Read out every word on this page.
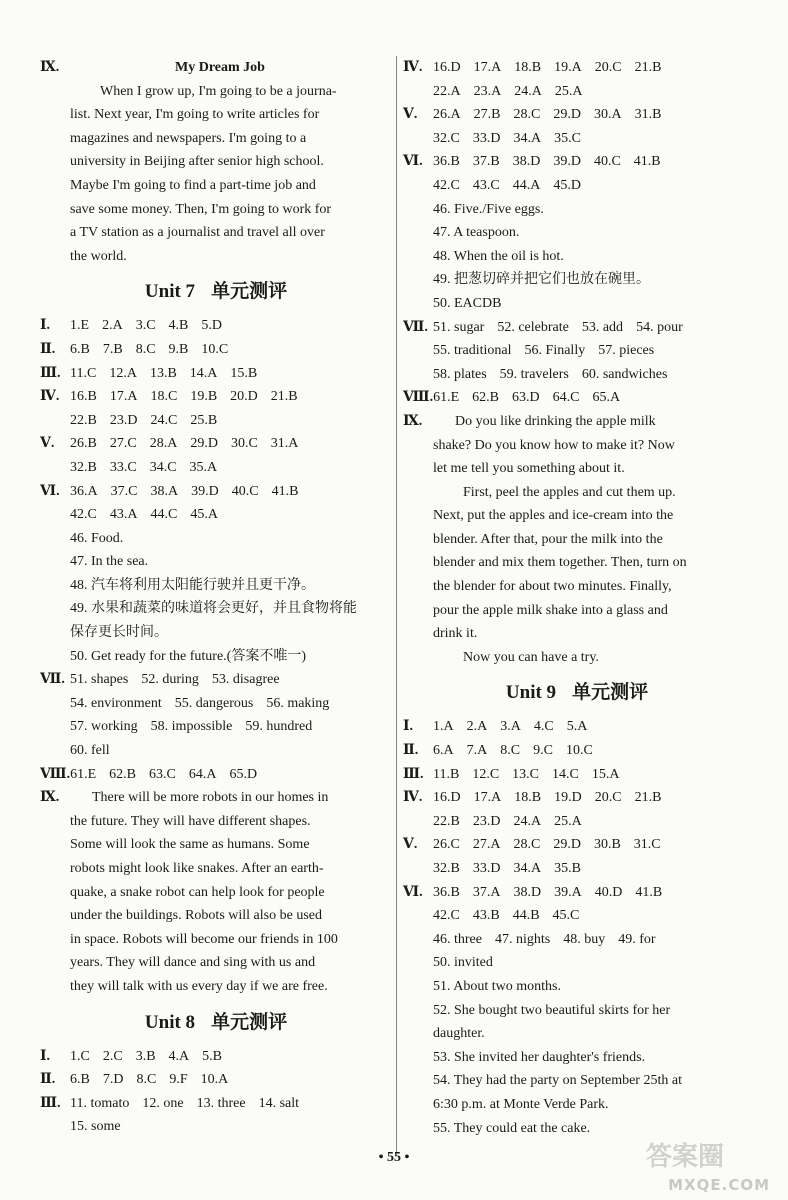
Ⅸ.	My Dream Job
When I grow up, I'm going to be a journa-
list. Next year, I'm going to write articles for
magazines and newspapers. I'm going to a
university in Beijing after senior high school.
Maybe I'm going to find a part-time job and
save some money. Then, I'm going to work for
a TV station as a journalist and travel all over
the world.
Unit 7 单元测评
Ⅰ. 1.E 2.A 3.C 4.B 5.D
Ⅱ. 6.B 7.B 8.C 9.B 10.C
Ⅲ. 11.C 12.A 13.B 14.A 15.B
Ⅳ. 16.B 17.A 18.C 19.B 20.D 21.B
22.B 23.D 24.C 25.B
Ⅴ. 26.B 27.C 28.A 29.D 30.C 31.A
32.B 33.C 34.C 35.A
Ⅵ. 36.A 37.C 38.A 39.D 40.C 41.B
42.C 43.A 44.C 45.A
46. Food.
47. In the sea.
48. 汽车将利用太阳能行驶并且更干净。
49. 水果和蔬菜的味道将会更好，并且食物将能
保存更长时间。
50. Get ready for the future.(答案不唯一)
Ⅶ. 51. shapes 52. during 53. disagree
54. environment 55. dangerous 56. making
57. working 58. impossible 59. hundred
60. fell
Ⅷ.61.E 62.B 63.C 64.A 65.D
Ⅸ. There will be more robots in our homes in
the future. They will have different shapes.
Some will look the same as humans. Some
robots might look like snakes. After an earth-
quake, a snake robot can help look for people
under the buildings. Robots will also be used
in space. Robots will become our friends in 100
years. They will dance and sing with us and
they will talk with us every day if we are free.
Unit 8 单元测评
Ⅰ. 1.C 2.C 3.B 4.A 5.B
Ⅱ. 6.B 7.D 8.C 9.F 10.A
Ⅲ. 11. tomato 12. one 13. three 14. salt
15. some
Ⅳ. 16.D 17.A 18.B 19.A 20.C 21.B
22.A 23.A 24.A 25.A
Ⅴ. 26.A 27.B 28.C 29.D 30.A 31.B
32.C 33.D 34.A 35.C
Ⅵ. 36.B 37.B 38.D 39.D 40.C 41.B
42.C 43.C 44.A 45.D
46. Five./Five eggs.
47. A teaspoon.
48. When the oil is hot.
49. 把葱切碎并把它们也放在碗里。
50. EACDB
Ⅶ. 51. sugar 52. celebrate 53. add 54. pour
55. traditional 56. Finally 57. pieces
58. plates 59. travelers 60. sandwiches
Ⅷ.61.E 62.B 63.D 64.C 65.A
Ⅸ. Do you like drinking the apple milk
shake? Do you know how to make it? Now
let me tell you something about it.
First, peel the apples and cut them up.
Next, put the apples and ice-cream into the
blender. After that, pour the milk into the
blender and mix them together. Then, turn on
the blender for about two minutes. Finally,
pour the apple milk shake into a glass and
drink it.
Now you can have a try.
Unit 9 单元测评
Ⅰ. 1.A 2.A 3.A 4.C 5.A
Ⅱ. 6.A 7.A 8.C 9.C 10.C
Ⅲ. 11.B 12.C 13.C 14.C 15.A
Ⅳ. 16.D 17.A 18.B 19.D 20.C 21.B
22.B 23.D 24.A 25.A
Ⅴ. 26.C 27.A 28.C 29.D 30.B 31.C
32.B 33.D 34.A 35.B
Ⅵ. 36.B 37.A 38.D 39.A 40.D 41.B
42.C 43.B 44.B 45.C
46. three 47. nights 48. buy 49. for
50. invited
51. About two months.
52. She bought two beautiful skirts for her
daughter.
53. She invited her daughter's friends.
54. They had the party on September 25th at
6:30 p.m. at Monte Verde Park.
55. They could eat the cake.
• 55 •	答案圈
MXQE.COM
